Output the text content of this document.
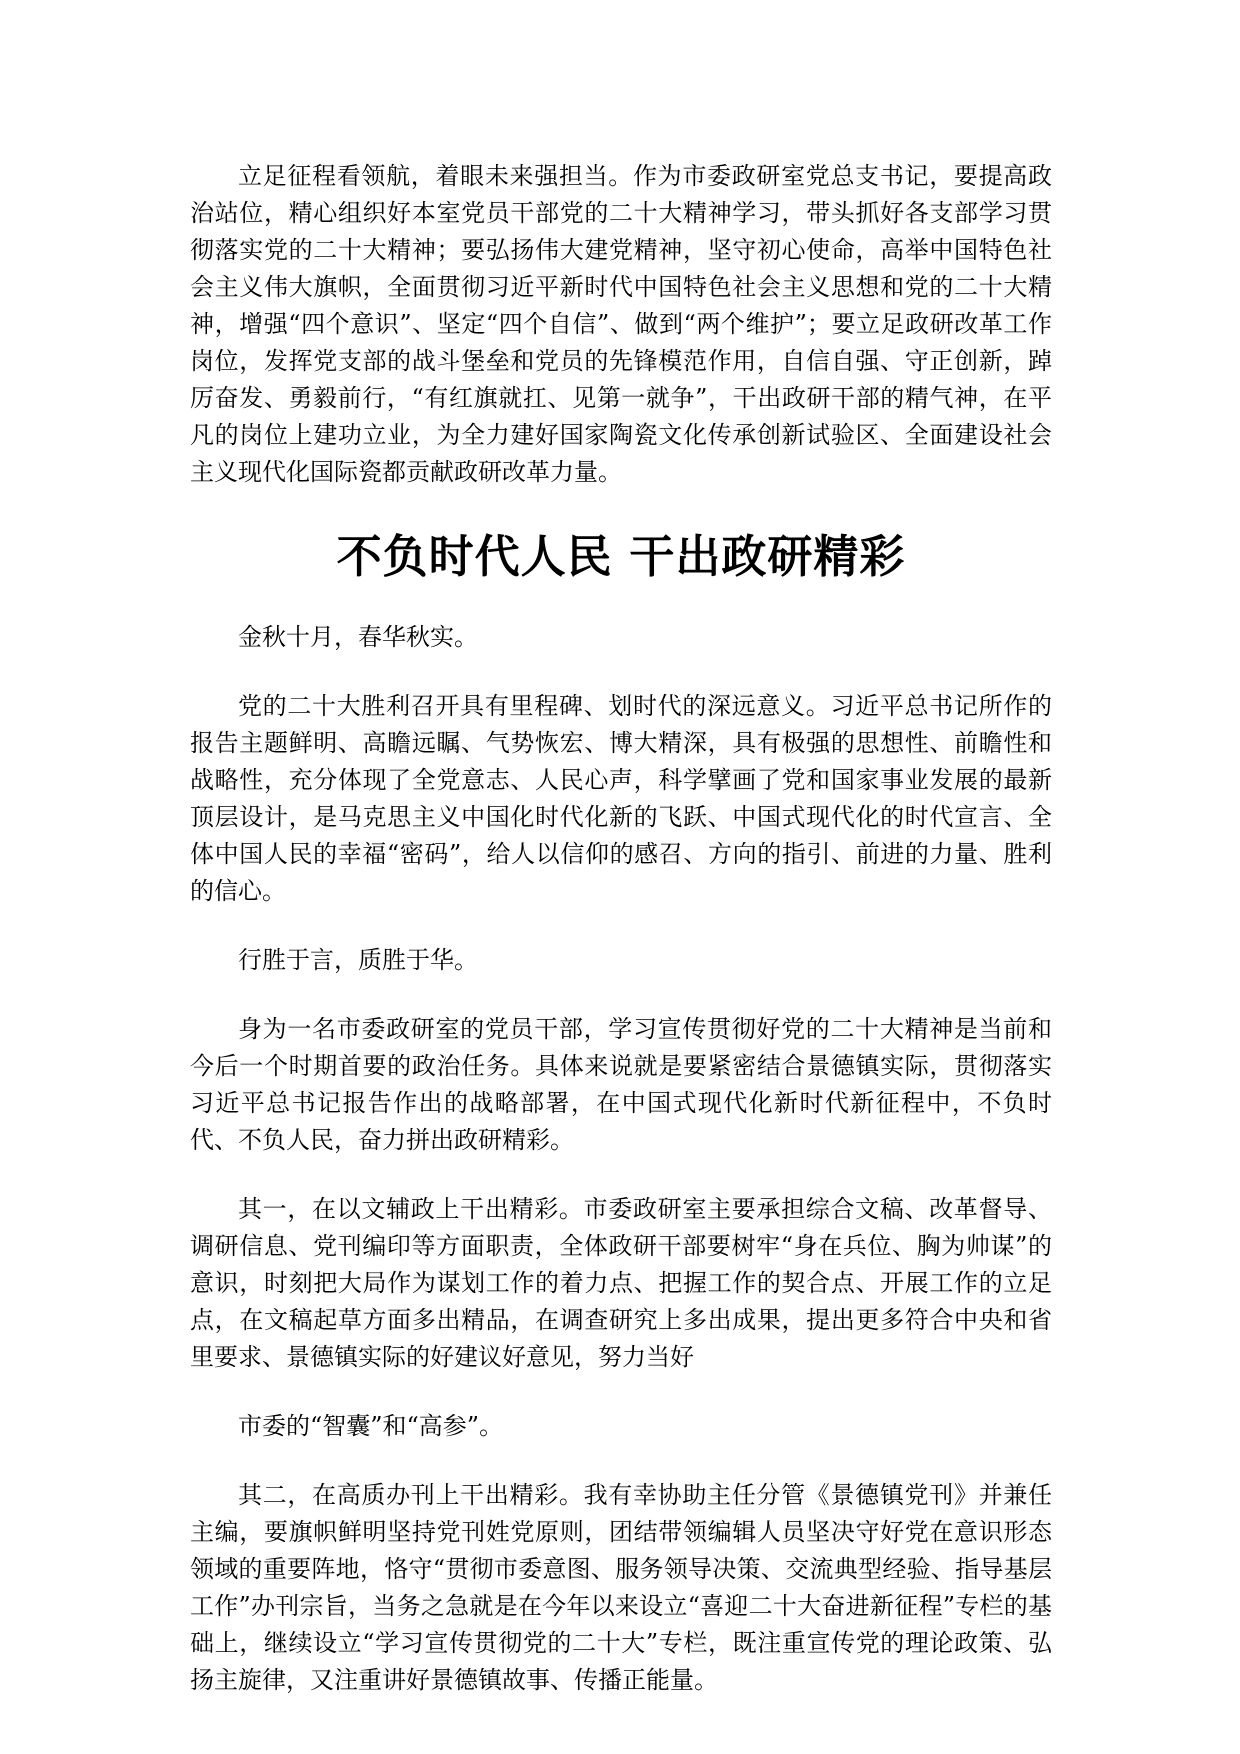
立足征程看领航，着眼未来强担当。作为市委政研室党总支书记，要提高政治站位，精心组织好本室党员干部党的二十大精神学习，带头抓好各支部学习贯彻落实党的二十大精神；要弘扬伟大建党精神，坚守初心使命，高举中国特色社会主义伟大旗帜，全面贯彻习近平新时代中国特色社会主义思想和党的二十大精神，增强“四个意识”、坚定“四个自信”、做到“两个维护”；要立足政研改革工作岗位，发挥党支部的战斗堡垒和党员的先锋模范作用，自信自强、守正创新，踔厉奋发、勇毅前行，“有红旗就扛、见第一就争”，干出政研干部的精气神，在平凡的岗位上建功立业，为全力建好国家陶瓷文化传承创新试验区、全面建设社会主义现代化国际瓷都贡献政研改革力量。

不负时代人民 干出政研精彩

金秋十月，春华秋实。

党的二十大胜利召开具有里程碑、划时代的深远意义。习近平总书记所作的报告主题鲜明、高瞻远瞩、气势恢宏、博大精深，具有极强的思想性、前瞻性和战略性，充分体现了全党意志、人民心声，科学擘画了党和国家事业发展的最新顶层设计，是马克思主义中国化时代化新的飞跃、中国式现代化的时代宣言、全体中国人民的幸福“密码”，给人以信仰的感召、方向的指引、前进的力量、胜利的信心。

行胜于言，质胜于华。

身为一名市委政研室的党员干部，学习宣传贯彻好党的二十大精神是当前和今后一个时期首要的政治任务。具体来说就是要紧密结合景德镇实际，贯彻落实习近平总书记报告作出的战略部署，在中国式现代化新时代新征程中，不负时代、不负人民，奋力拼出政研精彩。

其一，在以文辅政上干出精彩。市委政研室主要承担综合文稿、改革督导、调研信息、党刊编印等方面职责，全体政研干部要树牢“身在兵位、胸为帅谋”的意识，时刻把大局作为谋划工作的着力点、把握工作的契合点、开展工作的立足点，在文稿起草方面多出精品，在调查研究上多出成果，提出更多符合中央和省里要求、景德镇实际的好建议好意见，努力当好

市委的“智囊”和“高参”。

其二，在高质办刊上干出精彩。我有幸协助主任分管《景德镇党刊》并兼任主编，要旗帜鲜明坚持党刊姓党原则，团结带领编辑人员坚决守好党在意识形态领域的重要阵地，恪守“贯彻市委意图、服务领导决策、交流典型经验、指导基层工作”办刊宗旨，当务之急就是在今年以来设立“喜迎二十大奋进新征程”专栏的基础上，继续设立“学习宣传贯彻党的二十大”专栏，既注重宣传党的理论政策、弘扬主旋律，又注重讲好景德镇故事、传播正能量。
